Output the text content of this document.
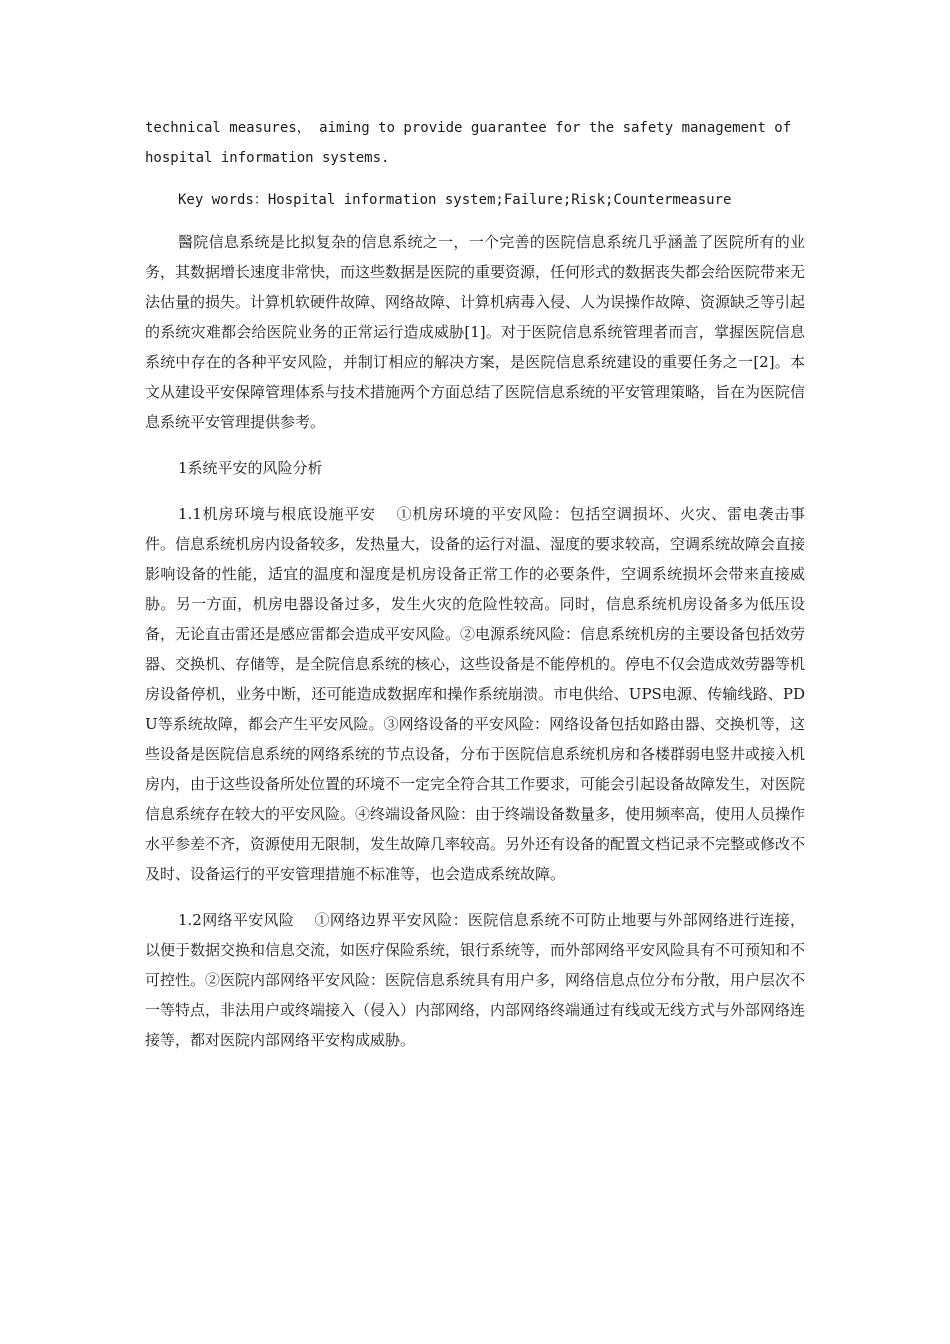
technical measures， aiming to provide guarantee for the safety management of hospital information systems.

Key words：Hospital information system;Failure;Risk;Countermeasure

醫院信息系统是比拟复杂的信息系统之一，一个完善的医院信息系统几乎涵盖了医院所有的业务，其数据增长速度非常快，而这些数据是医院的重要资源，任何形式的数据丧失都会给医院带来无法估量的损失。计算机软硬件故障、网络故障、计算机病毒入侵、人为误操作故障、资源缺乏等引起的系统灾难都会给医院业务的正常运行造成威胁[1]。对于医院信息系统管理者而言，掌握医院信息系统中存在的各种平安风险，并制订相应的解决方案，是医院信息系统建设的重要任务之一[2]。本文从建设平安保障管理体系与技术措施两个方面总结了医院信息系统的平安管理策略，旨在为医院信息系统平安管理提供参考。

1系统平安的风险分析

1.1机房环境与根底设施平安 ①机房环境的平安风险：包括空调损坏、火灾、雷电袭击事件。信息系统机房内设备较多，发热量大，设备的运行对温、湿度的要求较高，空调系统故障会直接影响设备的性能，适宜的温度和湿度是机房设备正常工作的必要条件，空调系统损坏会带来直接威胁。另一方面，机房电器设备过多，发生火灾的危险性较高。同时，信息系统机房设备多为低压设备，无论直击雷还是感应雷都会造成平安风险。②电源系统风险：信息系统机房的主要设备包括效劳器、交换机、存储等，是全院信息系统的核心，这些设备是不能停机的。停电不仅会造成效劳器等机房设备停机，业务中断，还可能造成数据库和操作系统崩溃。市电供给、UPS电源、传输线路、PDU等系统故障，都会产生平安风险。③网络设备的平安风险：网络设备包括如路由器、交换机等，这些设备是医院信息系统的网络系统的节点设备，分布于医院信息系统机房和各楼群弱电竖井或接入机房内，由于这些设备所处位置的环境不一定完全符合其工作要求，可能会引起设备故障发生，对医院信息系统存在较大的平安风险。④终端设备风险：由于终端设备数量多，使用频率高，使用人员操作水平参差不齐，资源使用无限制，发生故障几率较高。另外还有设备的配置文档记录不完整或修改不及时、设备运行的平安管理措施不标准等，也会造成系统故障。

1.2网络平安风险 ①网络边界平安风险：医院信息系统不可防止地要与外部网络进行连接，以便于数据交换和信息交流，如医疗保险系统，银行系统等，而外部网络平安风险具有不可预知和不可控性。②医院内部网络平安风险：医院信息系统具有用户多，网络信息点位分布分散，用户层次不一等特点，非法用户或终端接入（侵入）内部网络，内部网络终端通过有线或无线方式与外部网络连接等，都对医院内部网络平安构成威胁。
